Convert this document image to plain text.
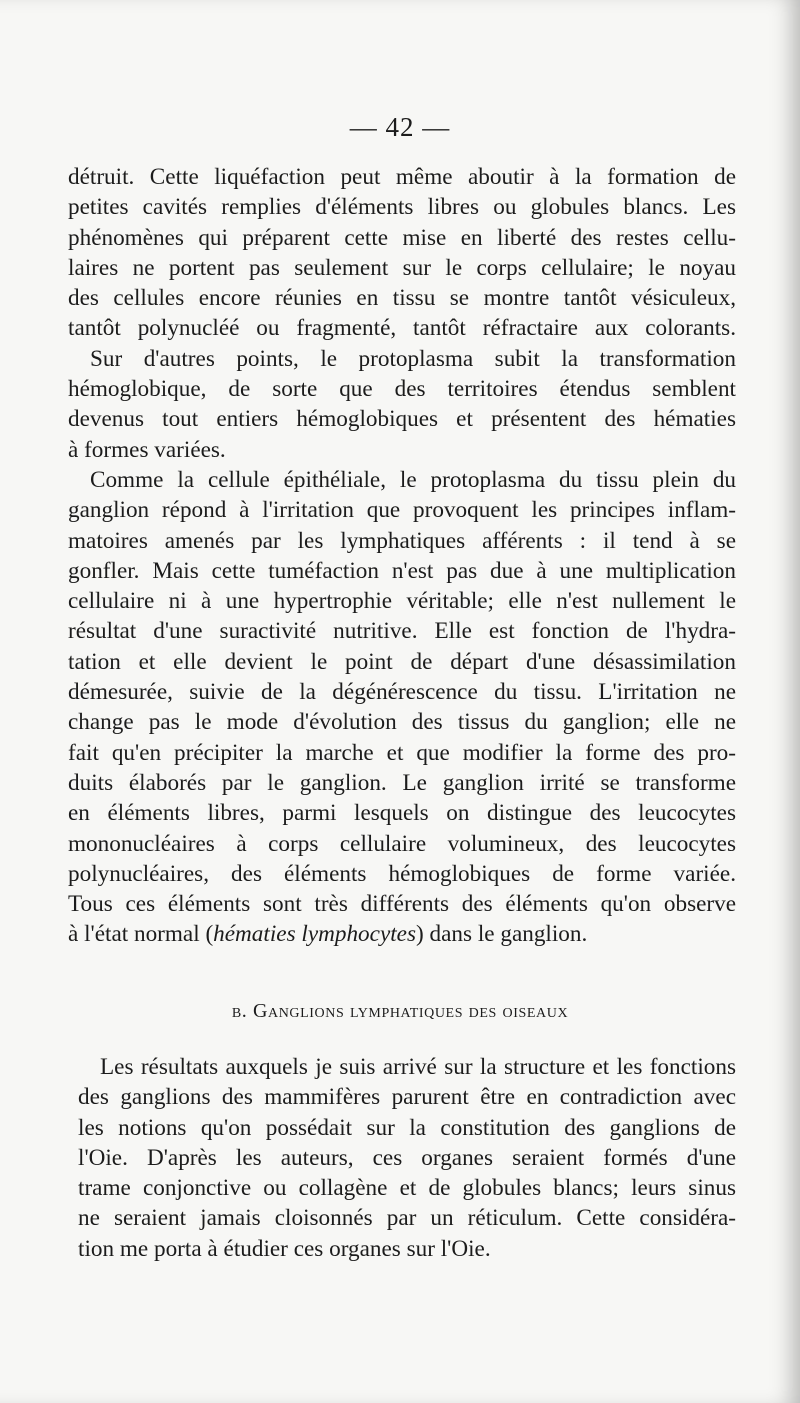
— 42 —
détruit. Cette liquéfaction peut même aboutir à la formation de
petites cavités remplies d'éléments libres ou globules blancs. Les
phénomènes qui préparent cette mise en liberté des restes cellu-
laires ne portent pas seulement sur le corps cellulaire; le noyau
des cellules encore réunies en tissu se montre tantôt vésiculeux,
tantôt polynucléé ou fragmenté, tantôt réfractaire aux colorants.
Sur d'autres points, le protoplasma subit la transformation
hémoglobique, de sorte que des territoires étendus semblent
devenus tout entiers hémoglobiques et présentent des hématies
à formes variées.
Comme la cellule épithéliale, le protoplasma du tissu plein du
ganglion répond à l'irritation que provoquent les principes inflam-
matoires amenés par les lymphatiques afférents : il tend à se
gonfler. Mais cette tuméfaction n'est pas due à une multiplication
cellulaire ni à une hypertrophie véritable; elle n'est nullement le
résultat d'une suractivité nutritive. Elle est fonction de l'hydra-
tation et elle devient le point de départ d'une désassimilation
démesurée, suivie de la dégénérescence du tissu. L'irritation ne
change pas le mode d'évolution des tissus du ganglion; elle ne
fait qu'en précipiter la marche et que modifier la forme des pro-
duits élaborés par le ganglion. Le ganglion irrité se transforme
en éléments libres, parmi lesquels on distingue des leucocytes
mononucléaires à corps cellulaire volumineux, des leucocytes
polynucléaires, des éléments hémoglobiques de forme variée.
Tous ces éléments sont très différents des éléments qu'on observe
à l'état normal (hématies lymphocytes) dans le ganglion.
β. Ganglions lymphatiques des oiseaux
Les résultats auxquels je suis arrivé sur la structure et les fonctions
des ganglions des mammifères parurent être en contradiction avec
les notions qu'on possédait sur la constitution des ganglions de
l'Oie. D'après les auteurs, ces organes seraient formés d'une
trame conjonctive ou collagène et de globules blancs; leurs sinus
ne seraient jamais cloisonnés par un réticulum. Cette considéra-
tion me porta à étudier ces organes sur l'Oie.
